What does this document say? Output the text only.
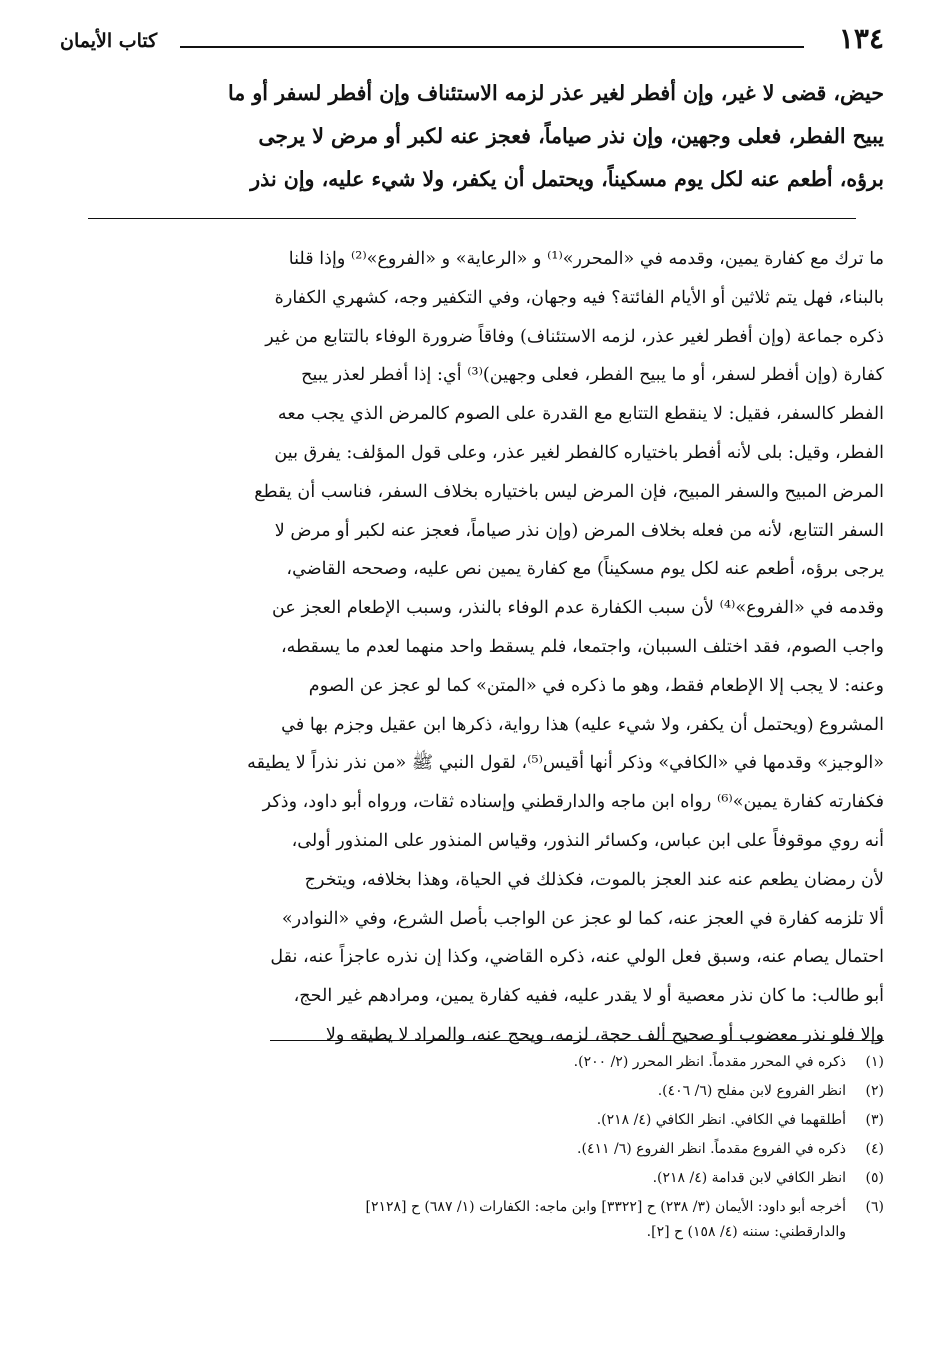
١٣٤
كتاب الأيمان
حيض، قضى لا غير، وإن أفطر لغير عذر لزمه الاستئناف وإن أفطر لسفر أو ما
يبيح الفطر، فعلى وجهين، وإن نذر صياماً، فعجز عنه لكبر أو مرض لا يرجى
برؤه، أطعم عنه لكل يوم مسكيناً، ويحتمل أن يكفر، ولا شيء عليه، وإن نذر
ما ترك مع كفارة يمين، وقدمه في «المحرر»⁽¹⁾ و «الرعاية» و «الفروع»⁽²⁾ وإذا قلنا
بالبناء، فهل يتم ثلاثين أو الأيام الفائتة؟ فيه وجهان، وفي التكفير وجه، كشهري الكفارة
ذكره جماعة (وإن أفطر لغير عذر، لزمه الاستئناف) وفاقاً ضرورة الوفاء بالتتابع من غير
كفارة (وإن أفطر لسفر، أو ما يبيح الفطر، فعلى وجهين)⁽³⁾ أي: إذا أفطر لعذر يبيح
الفطر كالسفر، فقيل: لا ينقطع التتابع مع القدرة على الصوم كالمرض الذي يجب معه
الفطر، وقيل: بلى لأنه أفطر باختياره كالفطر لغير عذر، وعلى قول المؤلف: يفرق بين
المرض المبيح والسفر المبيح، فإن المرض ليس باختياره بخلاف السفر، فناسب أن يقطع
السفر التتابع، لأنه من فعله بخلاف المرض (وإن نذر صياماً، فعجز عنه لكبر أو مرض لا
يرجى برؤه، أطعم عنه لكل يوم مسكيناً) مع كفارة يمين نص عليه، وصححه القاضي،
وقدمه في «الفروع»⁽⁴⁾ لأن سبب الكفارة عدم الوفاء بالنذر، وسبب الإطعام العجز عن
واجب الصوم، فقد اختلف السببان، واجتمعا، فلم يسقط واحد منهما لعدم ما يسقطه،
وعنه: لا يجب إلا الإطعام فقط، وهو ما ذكره في «المتن» كما لو عجز عن الصوم
المشروع (ويحتمل أن يكفر، ولا شيء عليه) هذا رواية، ذكرها ابن عقيل وجزم بها في
«الوجيز» وقدمها في «الكافي» وذكر أنها أقيس⁽⁵⁾، لقول النبي ﷺ «من نذر نذراً لا يطيقه
فكفارته كفارة يمين»⁽⁶⁾ رواه ابن ماجه والدارقطني وإسناده ثقات، ورواه أبو داود، وذكر
أنه روي موقوفاً على ابن عباس، وكسائر النذور، وقياس المنذور على المنذور أولى،
لأن رمضان يطعم عنه عند العجز بالموت، فكذلك في الحياة، وهذا بخلافه، ويتخرج
ألا تلزمه كفارة في العجز عنه، كما لو عجز عن الواجب بأصل الشرع، وفي «النوادر»
احتمال يصام عنه، وسبق فعل الولي عنه، ذكره القاضي، وكذا إن نذره عاجزاً عنه، نقل
أبو طالب: ما كان نذر معصية أو لا يقدر عليه، ففيه كفارة يمين، ومرادهم غير الحج،
وإلا فلو نذر معضوب أو صحيح ألف حجة، لزمه، ويحج عنه، والمراد لا يطيقه ولا
(١)
ذكره في المحرر مقدماً. انظر المحرر (٢/ ٢٠٠).
(٢)
انظر الفروع لابن مفلح (٦/ ٤٠٦).
(٣)
أطلقهما في الكافي. انظر الكافي (٤/ ٢١٨).
(٤)
ذكره في الفروع مقدماً. انظر الفروع (٦/ ٤١١).
(٥)
انظر الكافي لابن قدامة (٤/ ٢١٨).
(٦)
أخرجه أبو داود: الأيمان (٣/ ٢٣٨) ح [٣٣٢٢] وابن ماجه: الكفارات (١/ ٦٨٧) ح [٢١٢٨]
والدارقطني: سننه (٤/ ١٥٨) ح [٢].
